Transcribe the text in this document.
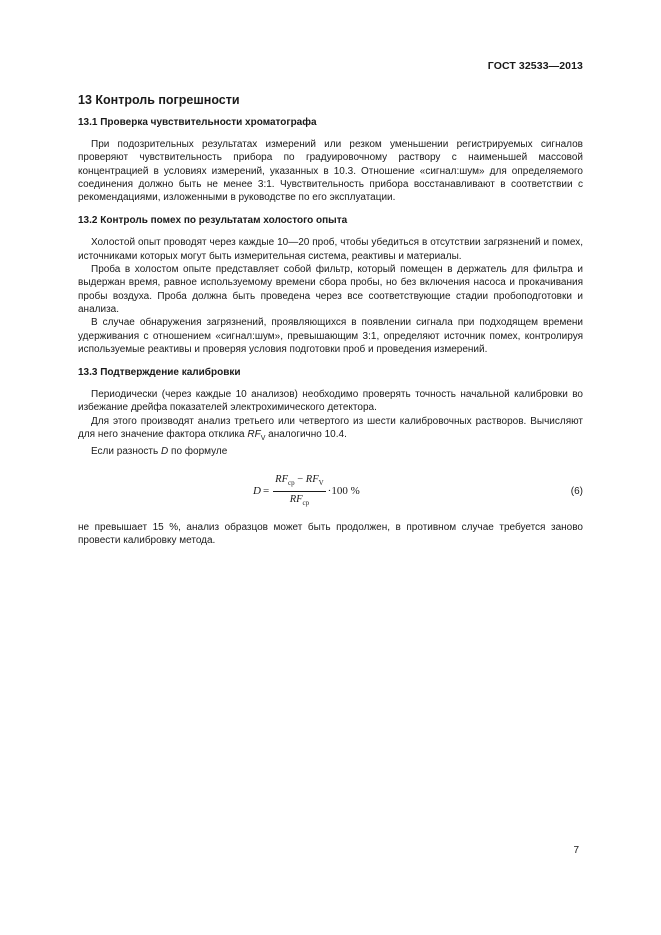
ГОСТ 32533—2013
13 Контроль погрешности
13.1 Проверка чувствительности хроматографа

При подозрительных результатах измерений или резком уменьшении регистрируемых сигналов проверяют чувствительность прибора по градуировочному раствору с наименьшей массовой концентрацией в условиях измерений, указанных в 10.3. Отношение «сигнал:шум» для определяемого соединения должно быть не менее 3:1. Чувствительность прибора восстанавливают в соответствии с рекомендациями, изложенными в руководстве по его эксплуатации.

13.2 Контроль помех по результатам холостого опыта

Холостой опыт проводят через каждые 10—20 проб, чтобы убедиться в отсутствии загрязнений и помех, источниками которых могут быть измерительная система, реактивы и материалы.

Проба в холостом опыте представляет собой фильтр, который помещен в держатель для фильтра и выдержан время, равное используемому времени сбора пробы, но без включения насоса и прокачивания пробы воздуха. Проба должна быть проведена через все соответствующие стадии пробоподготовки и анализа.

В случае обнаружения загрязнений, проявляющихся в появлении сигнала при подходящем времени удерживания с отношением «сигнал:шум», превышающим 3:1, определяют источник помех, контролируя используемые реактивы и проверяя условия подготовки проб и проведения измерений.

13.3 Подтверждение калибровки

Периодически (через каждые 10 анализов) необходимо проверять точность начальной калибровки во избежание дрейфа показателей электрохимического детектора.

Для этого производят анализ третьего или четвертого из шести калибровочных растворов. Вычисляют для него значение фактора отклика $RF_V$ аналогично 10.4.

Если разность D по формуле

$D = \frac{RF_{ср} - RF_V}{RF_{ср}} \cdot 100$ %	(6)

не превышает 15 %, анализ образцов может быть продолжен, в противном случае требуется заново провести калибровку метода.

7
